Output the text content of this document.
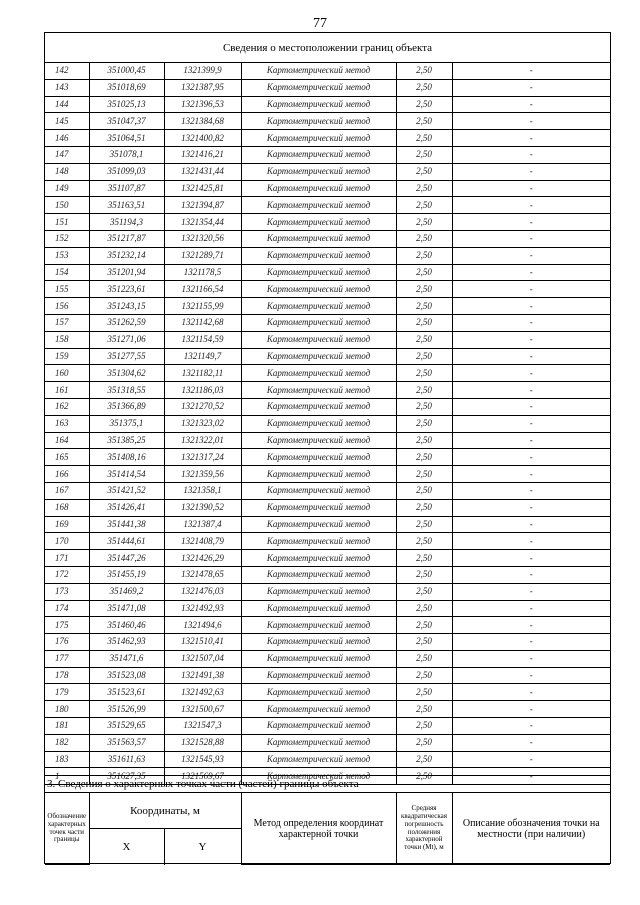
77
Сведения о местоположении границ объекта
142	351000,45	1321399,9	Картометрический метод	2,50	-
143	351018,69	1321387,95	Картометрический метод	2,50	-
144	351025,13	1321396,53	Картометрический метод	2,50	-
145	351047,37	1321384,68	Картометрический метод	2,50	-
146	351064,51	1321400,82	Картометрический метод	2,50	-
147	351078,1	1321416,21	Картометрический метод	2,50	-
148	351099,03	1321431,44	Картометрический метод	2,50	-
149	351107,87	1321425,81	Картометрический метод	2,50	-
150	351163,51	1321394,87	Картометрический метод	2,50	-
151	351194,3	1321354,44	Картометрический метод	2,50	-
152	351217,87	1321320,56	Картометрический метод	2,50	-
153	351232,14	1321289,71	Картометрический метод	2,50	-
154	351201,94	1321178,5	Картометрический метод	2,50	-
155	351223,61	1321166,54	Картометрический метод	2,50	-
156	351243,15	1321155,99	Картометрический метод	2,50	-
157	351262,59	1321142,68	Картометрический метод	2,50	-
158	351271,06	1321154,59	Картометрический метод	2,50	-
159	351277,55	1321149,7	Картометрический метод	2,50	-
160	351304,62	1321182,11	Картометрический метод	2,50	-
161	351318,55	1321186,03	Картометрический метод	2,50	-
162	351366,89	1321270,52	Картометрический метод	2,50	-
163	351375,1	1321323,02	Картометрический метод	2,50	-
164	351385,25	1321322,01	Картометрический метод	2,50	-
165	351408,16	1321317,24	Картометрический метод	2,50	-
166	351414,54	1321359,56	Картометрический метод	2,50	-
167	351421,52	1321358,1	Картометрический метод	2,50	-
168	351426,41	1321390,52	Картометрический метод	2,50	-
169	351441,38	1321387,4	Картометрический метод	2,50	-
170	351444,61	1321408,79	Картометрический метод	2,50	-
171	351447,26	1321426,29	Картометрический метод	2,50	-
172	351455,19	1321478,65	Картометрический метод	2,50	-
173	351469,2	1321476,03	Картометрический метод	2,50	-
174	351471,08	1321492,93	Картометрический метод	2,50	-
175	351460,46	1321494,6	Картометрический метод	2,50	-
176	351462,93	1321510,41	Картометрический метод	2,50	-
177	351471,6	1321507,04	Картометрический метод	2,50	-
178	351523,08	1321491,38	Картометрический метод	2,50	-
179	351523,61	1321492,63	Картометрический метод	2,50	-
180	351526,99	1321500,67	Картометрический метод	2,50	-
181	351529,65	1321547,3	Картометрический метод	2,50	-
182	351563,57	1321528,88	Картометрический метод	2,50	-
183	351611,63	1321545,93	Картометрический метод	2,50	-
1	351627,35	1321569,67	Картометрический метод	2,50	-
3. Сведения о характерных точках части (частей) границы объекта
Обозначение характерных точек части границы	Координаты, м		Метод определения координат характерной точки	Средняя квадратическая погрешность положения характерной точки (Mt), м	Описание обозначения точки на местности (при наличии)
	X	Y			
